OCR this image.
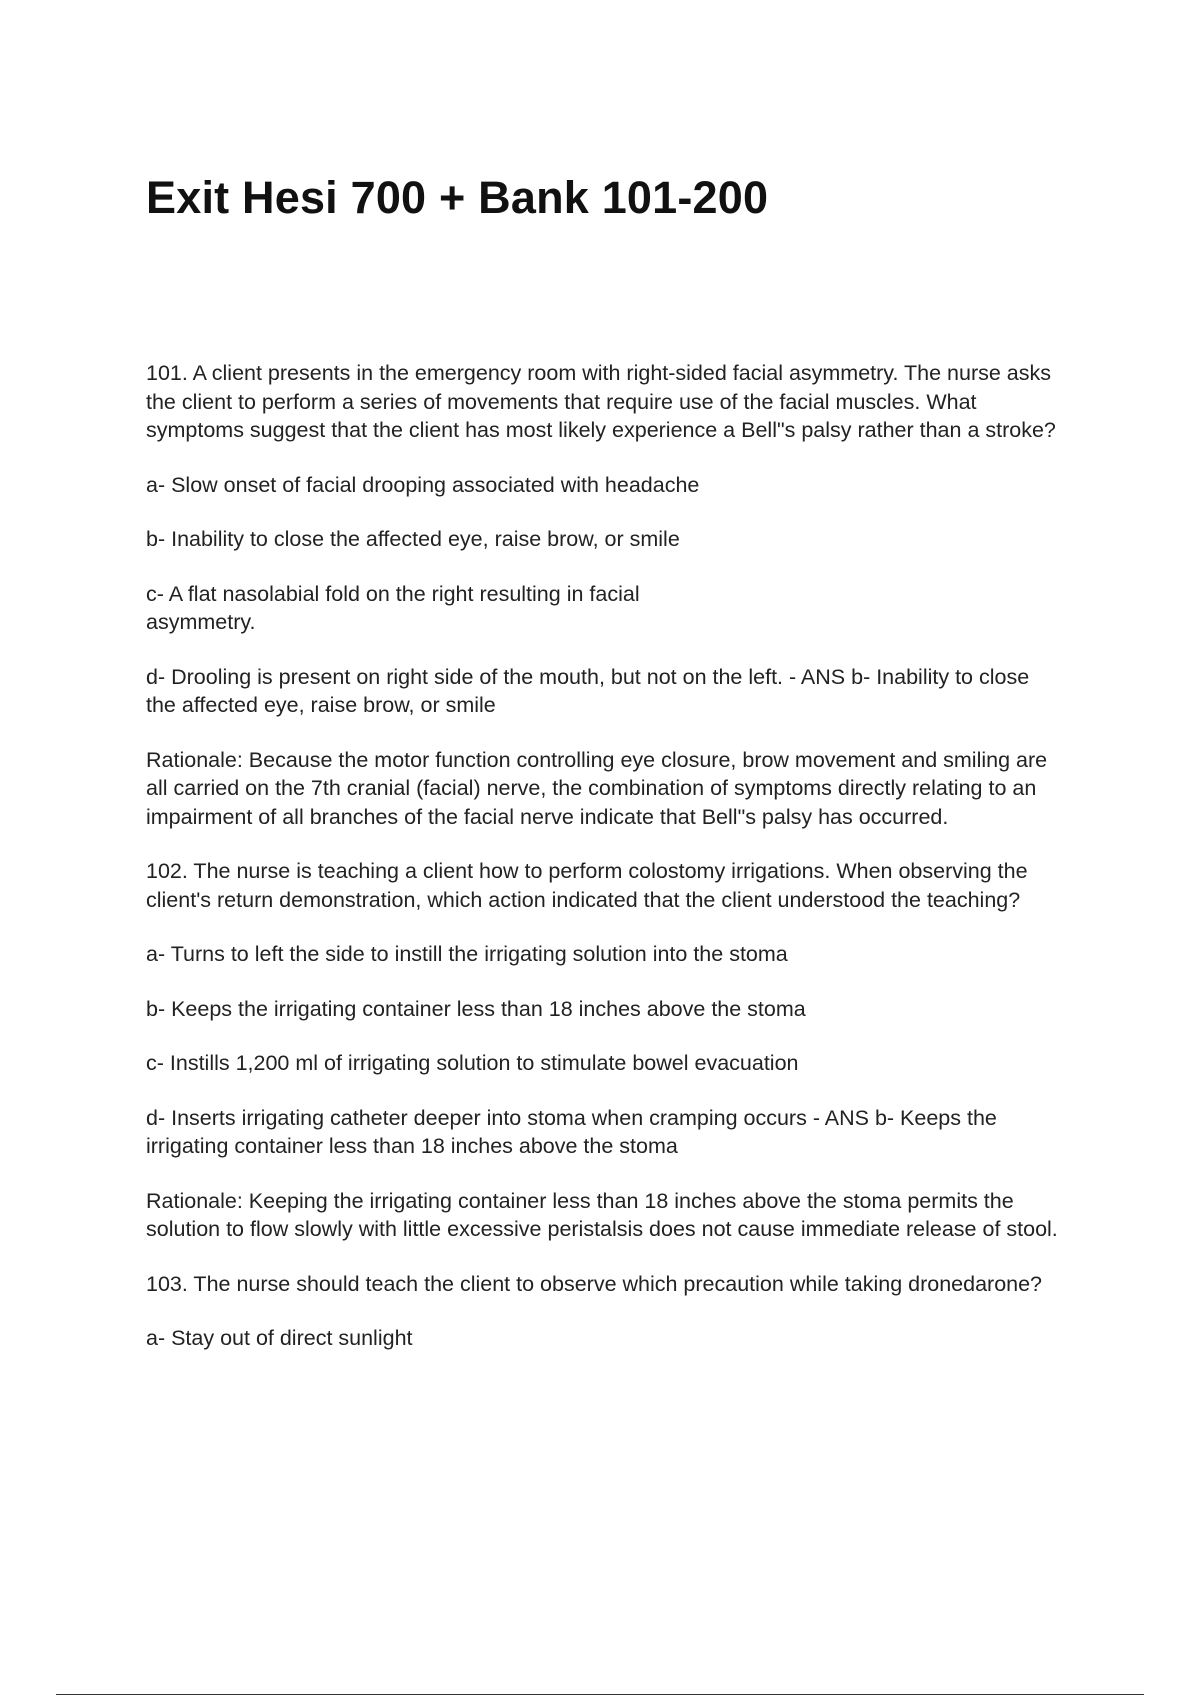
Exit Hesi 700 + Bank 101-200

101. A client presents in the emergency room with right-sided facial asymmetry. The nurse asks
the client to perform a series of movements that require use of the facial muscles. What
symptoms suggest that the client has most likely experience a Bell"s palsy rather than a stroke?

a- Slow onset of facial drooping associated with headache

b- Inability to close the affected eye, raise brow, or smile

c- A flat nasolabial fold on the right resulting in facial
asymmetry.

d- Drooling is present on right side of the mouth, but not on the left. - ANS b- Inability to close
the affected eye, raise brow, or smile

Rationale: Because the motor function controlling eye closure, brow movement and smiling are
all carried on the 7th cranial (facial) nerve, the combination of symptoms directly relating to an
impairment of all branches of the facial nerve indicate that Bell"s palsy has occurred.

102. The nurse is teaching a client how to perform colostomy irrigations. When observing the
client's return demonstration, which action indicated that the client understood the teaching?

a- Turns to left the side to instill the irrigating solution into the stoma

b- Keeps the irrigating container less than 18 inches above the stoma

c- Instills 1,200 ml of irrigating solution to stimulate bowel evacuation

d- Inserts irrigating catheter deeper into stoma when cramping occurs - ANS b- Keeps the
irrigating container less than 18 inches above the stoma

Rationale: Keeping the irrigating container less than 18 inches above the stoma permits the
solution to flow slowly with little excessive peristalsis does not cause immediate release of stool.

103. The nurse should teach the client to observe which precaution while taking dronedarone?

a- Stay out of direct sunlight
